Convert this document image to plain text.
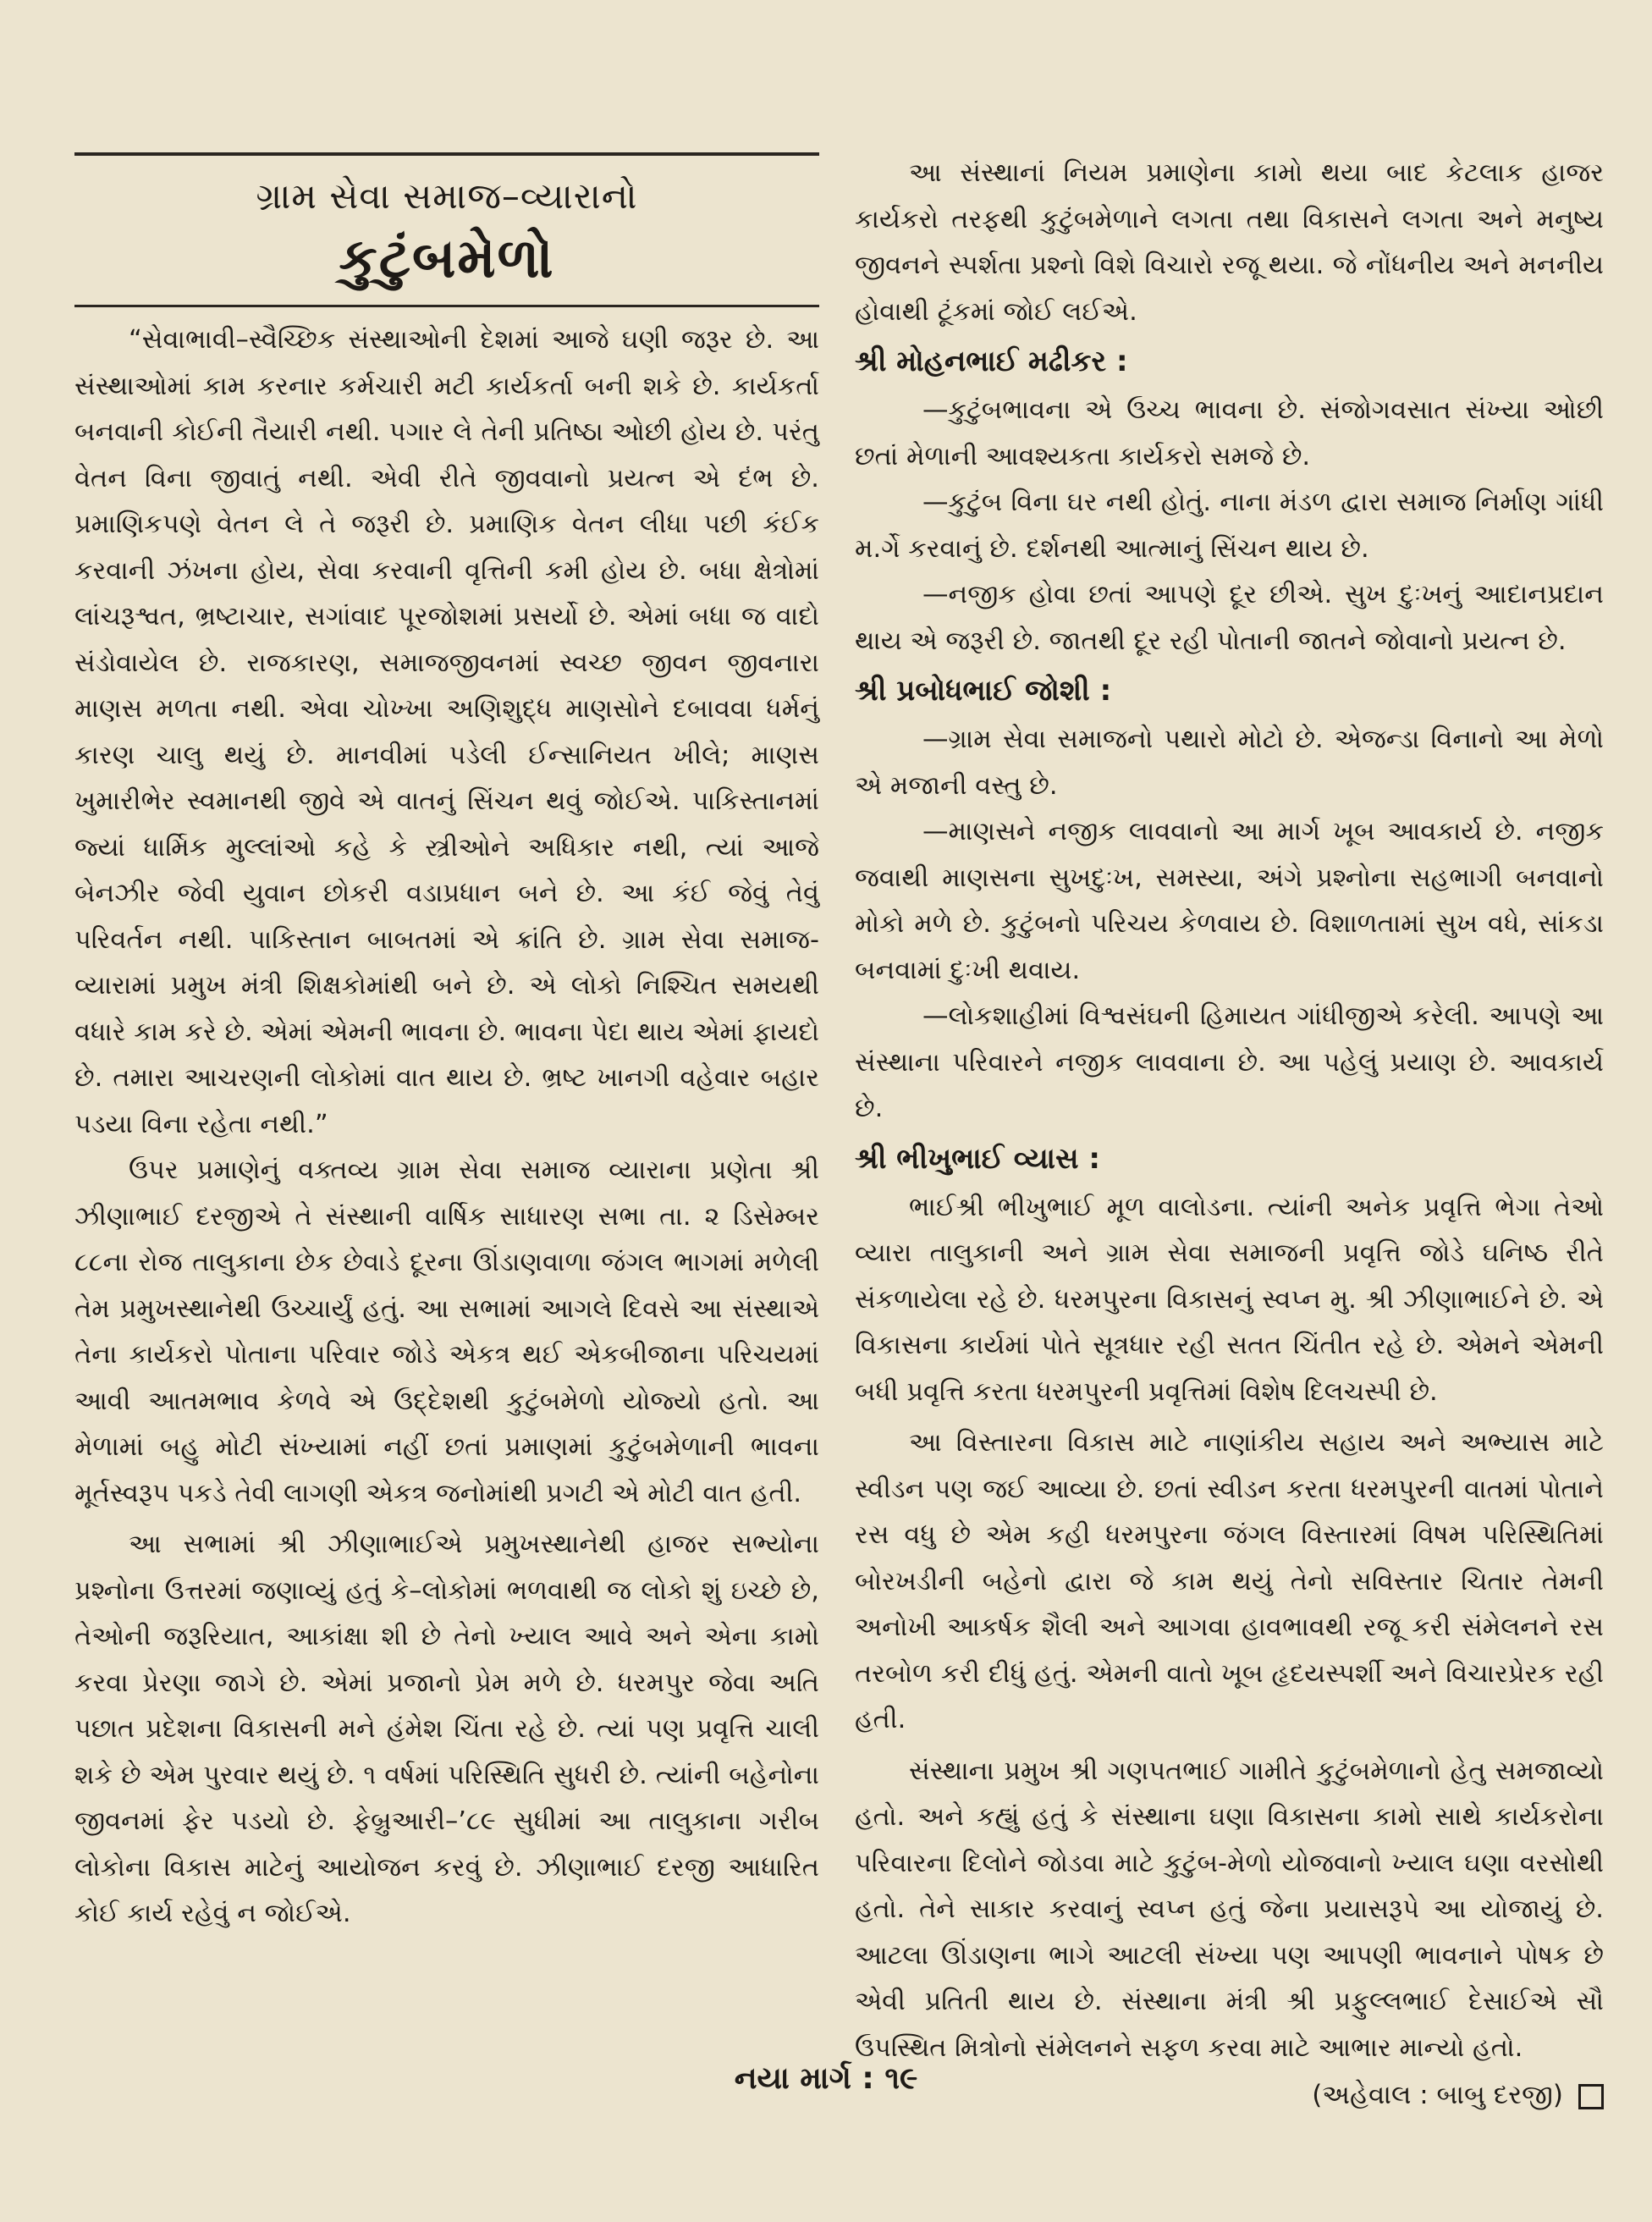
ગ્રામ સેવા સમાજ–વ્યારાનો
કુટુંબમેળો

“સેવાભાવી–સ્વૈચ્છિક સંસ્થાઓની દેશમાં આજે ઘણી જરૂર છે. આ સંસ્થાઓમાં કામ કરનાર કર્મચારી મટી કાર્યકર્તા બની શકે છે. કાર્યકર્તા બનવાની કોઈની તૈયારી નથી. પગાર લે તેની પ્રતિષ્ઠા ઓછી હોય છે. પરંતુ વેતન વિના જીવાતું નથી. એવી રીતે જીવવાનો પ્રયત્ન એ દંભ છે. પ્રમાણિકપણે વેતન લે તે જરૂરી છે. પ્રમાણિક વેતન લીધા પછી કંઈક કરવાની ઝંખના હોય, સેવા કરવાની વૃત્તિની કમી હોય છે. બધા ક્ષેત્રોમાં લાંચરૂશ્વત, ભ્રષ્ટાચાર, સગાંવાદ પૂરજોશમાં પ્રસર્યો છે. એમાં બધા જ વાદો સંડોવાયેલ છે. રાજકારણ, સમાજજીવનમાં સ્વચ્છ જીવન જીવનારા માણસ મળતા નથી. એવા ચોખ્ખા અણિશુદ્ધ માણસોને દબાવવા ધર્મનું કારણ ચાલુ થયું છે. માનવીમાં પડેલી ઈન્સાનિયત ખીલે; માણસ ખુમારીભેર સ્વમાનથી જીવે એ વાતનું સિંચન થવું જોઈએ. પાકિસ્તાનમાં જ્યાં ધાર્મિક મુલ્લાંઓ કહે કે સ્ત્રીઓને અધિકાર નથી, ત્યાં આજે બેનઝીર જેવી યુવાન છોકરી વડાપ્રધાન બને છે. આ કંઈ જેવું તેવું પરિવર્તન નથી. પાકિસ્તાન બાબતમાં એ ક્રાંતિ છે. ગ્રામ સેવા સમાજ-વ્યારામાં પ્રમુખ મંત્રી શિક્ષકોમાંથી બને છે. એ લોકો નિશ્ચિત સમયથી વધારે કામ કરે છે. એમાં એમની ભાવના છે. ભાવના પેદા થાય એમાં ફાયદો છે. તમારા આચરણની લોકોમાં વાત થાય છે. ભ્રષ્ટ ખાનગી વહેવાર બહાર પડયા વિના રહેતા નથી.”

ઉપર પ્રમાણેનું વક્તવ્ય ગ્રામ સેવા સમાજ વ્યારાના પ્રણેતા શ્રી ઝીણાભાઈ દરજીએ તે સંસ્થાની વાર્ષિક સાધારણ સભા તા. ૨ ડિસેમ્બર ૮૮ના રોજ તાલુકાના છેક છેવાડે દૂરના ઊંડાણવાળા જંગલ ભાગમાં મળેલી તેમ પ્રમુખસ્થાનેથી ઉચ્ચાર્યું હતું. આ સભામાં આગલે દિવસે આ સંસ્થાએ તેના કાર્યકરો પોતાના પરિવાર જોડે એકત્ર થઈ એકબીજાના પરિચયમાં આવી આતમભાવ કેળવે એ ઉદ્દેશથી કુટુંબમેળો યોજ્યો હતો. આ મેળામાં બહુ મોટી સંખ્યામાં નહીં છતાં પ્રમાણમાં કુટુંબમેળાની ભાવના મૂર્તસ્વરૂપ પકડે તેવી લાગણી એકત્ર જનોમાંથી પ્રગટી એ મોટી વાત હતી.

આ સભામાં શ્રી ઝીણાભાઈએ પ્રમુખસ્થાનેથી હાજર સભ્યોના પ્રશ્નોના ઉત્તરમાં જણાવ્યું હતું કે–લોકોમાં ભળવાથી જ લોકો શું ઇચ્છે છે, તેઓની જરૂરિયાત, આકાંક્ષા શી છે તેનો ખ્યાલ આવે અને એના કામો કરવા પ્રેરણા જાગે છે. એમાં પ્રજાનો પ્રેમ મળે છે. ધરમપુર જેવા અતિ પછાત પ્રદેશના વિકાસની મને હંમેશ ચિંતા રહે છે. ત્યાં પણ પ્રવૃત્તિ ચાલી શકે છે એમ પુરવાર થયું છે. ૧ વર્ષમાં પરિસ્થિતિ સુધરી છે. ત્યાંની બહેનોના જીવનમાં ફેર પડયો છે. ફેબ્રુઆરી–’૮૯ સુધીમાં આ તાલુકાના ગરીબ લોકોના વિકાસ માટેનું આયોજન કરવું છે. ઝીણાભાઈ દરજી આધારિત કોઈ કાર્ય રહેવું ન જોઈએ.

આ સંસ્થાનાં નિયમ પ્રમાણેના કામો થયા બાદ કેટલાક હાજર કાર્યકરો તરફથી કુટુંબમેળાને લગતા તથા વિકાસને લગતા અને મનુષ્ય જીવનને સ્પર્શતા પ્રશ્નો વિશે વિચારો રજૂ થયા. જે નોંધનીય અને મનનીય હોવાથી ટૂંકમાં જોઈ લઈએ.

શ્રી મોહનભાઈ મઢીકર :

—કુટુંબભાવના એ ઉચ્ચ ભાવના છે. સંજોગવસાત સંખ્યા ઓછી છતાં મેળાની આવશ્યકતા કાર્યકરો સમજે છે.

—કુટુંબ વિના ઘર નથી હોતું. નાના મંડળ દ્વારા સમાજ નિર્માણ ગાંધી મ.ર્ગે કરવાનું છે. દર્શનથી આત્માનું સિંચન થાય છે.

—નજીક હોવા છતાં આપણે દૂર છીએ. સુખ દુઃખનું આદાનપ્રદાન થાય એ જરૂરી છે. જાતથી દૂર રહી પોતાની જાતને જોવાનો પ્રયત્ન છે.

શ્રી પ્રબોધભાઈ જોશી :

—ગ્રામ સેવા સમાજનો પથારો મોટો છે. એજન્ડા વિનાનો આ મેળો એ મજાની વસ્તુ છે.

—માણસને નજીક લાવવાનો આ માર્ગ ખૂબ આવકાર્ય છે. નજીક જવાથી માણસના સુખદુઃખ, સમસ્યા, અંગે પ્રશ્નોના સહભાગી બનવાનો મોકો મળે છે. કુટુંબનો પરિચય કેળવાય છે. વિશાળતામાં સુખ વધે, સાંકડા બનવામાં દુઃખી થવાય.

—લોકશાહીમાં વિશ્વસંઘની હિમાયત ગાંધીજીએ કરેલી. આપણે આ સંસ્થાના પરિવારને નજીક લાવવાના છે. આ પહેલું પ્રયાણ છે. આવકાર્ય છે.

શ્રી ભીખુભાઈ વ્યાસ :

ભાઈશ્રી ભીખુભાઈ મૂળ વાલોડના. ત્યાંની અનેક પ્રવૃત્તિ ભેગા તેઓ વ્યારા તાલુકાની અને ગ્રામ સેવા સમાજની પ્રવૃત્તિ જોડે ઘનિષ્ઠ રીતે સંકળાયેલા રહે છે. ધરમપુરના વિકાસનું સ્વપ્ન મુ. શ્રી ઝીણાભાઈને છે. એ વિકાસના કાર્યમાં પોતે સૂત્રધાર રહી સતત ચિંતીત રહે છે. એમને એમની બધી પ્રવૃત્તિ કરતા ધરમપુરની પ્રવૃત્તિમાં વિશેષ દિલચસ્પી છે.

આ વિસ્તારના વિકાસ માટે નાણાંકીય સહાય અને અભ્યાસ માટે સ્વીડન પણ જઈ આવ્યા છે. છતાં સ્વીડન કરતા ધરમપુરની વાતમાં પોતાને રસ વધુ છે એમ કહી ધરમપુરના જંગલ વિસ્તારમાં વિષમ પરિસ્થિતિમાં બોરખડીની બહેનો દ્વારા જે કામ થયું તેનો સવિસ્તાર ચિતાર તેમની અનોખી આકર્ષક શૈલી અને આગવા હાવભાવથી રજૂ કરી સંમેલનને રસ તરબોળ કરી દીધું હતું. એમની વાતો ખૂબ હૃદયસ્પર્શી અને વિચારપ્રેરક રહી હતી.

સંસ્થાના પ્રમુખ શ્રી ગણપતભાઈ ગામીતે કુટુંબમેળાનો હેતુ સમજાવ્યો હતો. અને કહ્યું હતું કે સંસ્થાના ઘણા વિકાસના કામો સાથે કાર્યકરોના પરિવારના દિલોને જોડવા માટે કુટુંબ-મેળો યોજવાનો ખ્યાલ ઘણા વરસોથી હતો. તેને સાકાર કરવાનું સ્વપ્ન હતું જેના પ્રયાસરૂપે આ યોજાયું છે. આટલા ઊંડાણના ભાગે આટલી સંખ્યા પણ આપણી ભાવનાને પોષક છે એવી પ્રતિતી થાય છે. સંસ્થાના મંત્રી શ્રી પ્રફુલ્લભાઈ દેસાઈએ સૌ ઉપસ્થિત મિત્રોનો સંમેલનને સફળ કરવા માટે આભાર માન્યો હતો.

(અહેવાલ : બાબુ દરજી)
નયા માર્ગ : ૧૯
